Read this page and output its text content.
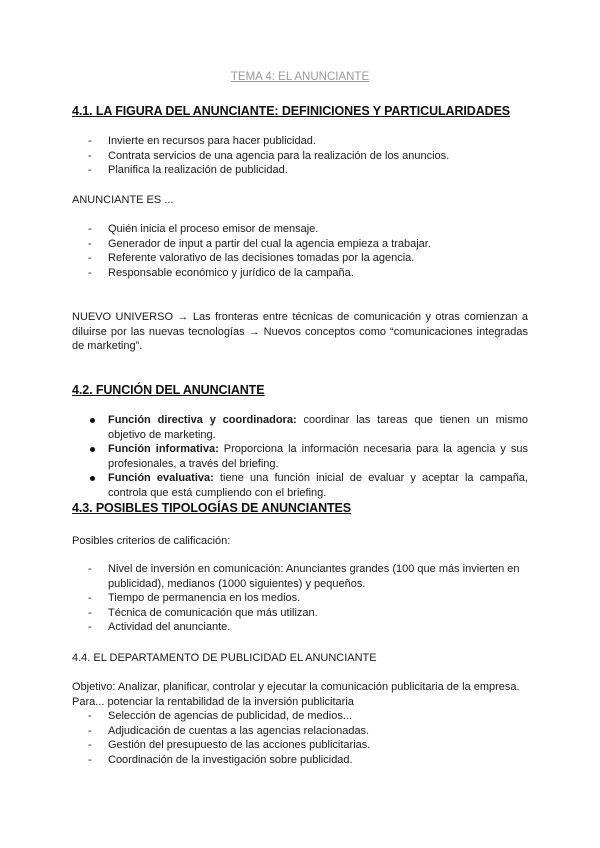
TEMA 4: EL ANUNCIANTE
4.1. LA FIGURA DEL ANUNCIANTE: DEFINICIONES Y PARTICULARIDADES
- Invierte en recursos para hacer publicidad.
- Contrata servicios de una agencia para la realización de los anuncios.
- Planifica la realización de publicidad.

ANUNCIANTE ES ...

- Quién inicia el proceso emisor de mensaje.
- Generador de input a partir del cual la agencia empieza a trabajar.
- Referente valorativo de las decisiones tomadas por la agencia.
- Responsable económico y jurídico de la campaña.

NUEVO UNIVERSO → Las fronteras entre técnicas de comunicación y otras comienzan a diluirse por las nuevas tecnologías → Nuevos conceptos como “comunicaciones integradas de marketing”.

4.2. FUNCIÓN DEL ANUNCIANTE
Función directiva y coordinadora: coordinar las tareas que tienen un mismo objetivo de marketing.
Función informativa: Proporciona la información necesaria para la agencia y sus profesionales, a través del briefing.
Función evaluativa: tiene una función inicial de evaluar y aceptar la campaña, controla que está cumpliendo con el briefing.
4.3. POSIBLES TIPOLOGÍAS DE ANUNCIANTES

Posibles criterios de calificación:

- Nivel de inversión en comunicación: Anunciantes grandes (100 que más invierten en publicidad), medianos (1000 siguientes) y pequeños.
- Tiempo de permanencia en los medios.
- Técnica de comunicación que más utilizan.
- Actividad del anunciante.

4.4. EL DEPARTAMENTO DE PUBLICIDAD EL ANUNCIANTE

Objetivo: Analizar, planificar, controlar y ejecutar la comunicación publicitaria de la empresa.

Para... potenciar la rentabilidad de la inversión publicitaria

- Selección de agencias de publicidad, de medios...
- Adjudicación de cuentas a las agencias relacionadas.
- Gestión del presupuesto de las acciones publicitarias.
- Coordinación de la investigación sobre publicidad.
